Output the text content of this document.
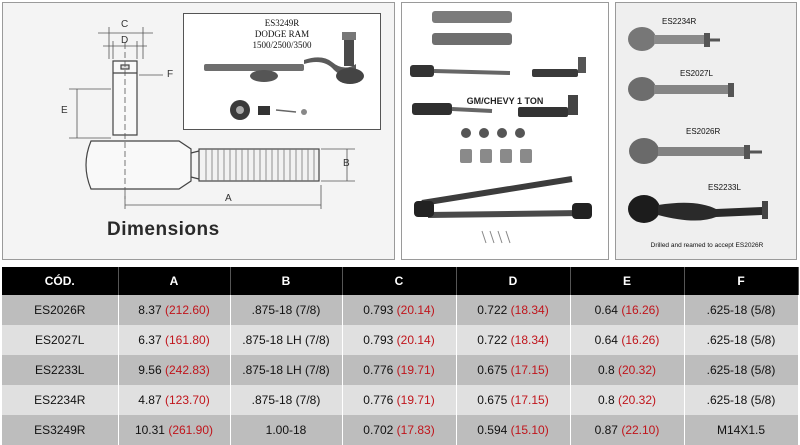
C
D
F
E
B
A
Dimensions
ES3249R
DODGE RAM
1500/2500/3500
GM/CHEVY 1 TON
ES2234R
ES2027L
ES2026R
ES2233L
Drilled and reamed to accept ES2026R
CÓD.	A	B	C	D	E	F
ES2026R	8.37 (212.60)	.875-18 (7/8)	0.793 (20.14)	0.722 (18.34)	0.64 (16.26)	.625-18 (5/8)
ES2027L	6.37 (161.80)	.875-18 LH (7/8)	0.793 (20.14)	0.722 (18.34)	0.64 (16.26)	.625-18 (5/8)
ES2233L	9.56 (242.83)	.875-18 LH (7/8)	0.776 (19.71)	0.675 (17.15)	0.8 (20.32)	.625-18 (5/8)
ES2234R	4.87 (123.70)	.875-18 (7/8)	0.776 (19.71)	0.675 (17.15)	0.8 (20.32)	.625-18 (5/8)
ES3249R	10.31 (261.90)	1.00-18	0.702 (17.83)	0.594 (15.10)	0.87 (22.10)	M14X1.5
